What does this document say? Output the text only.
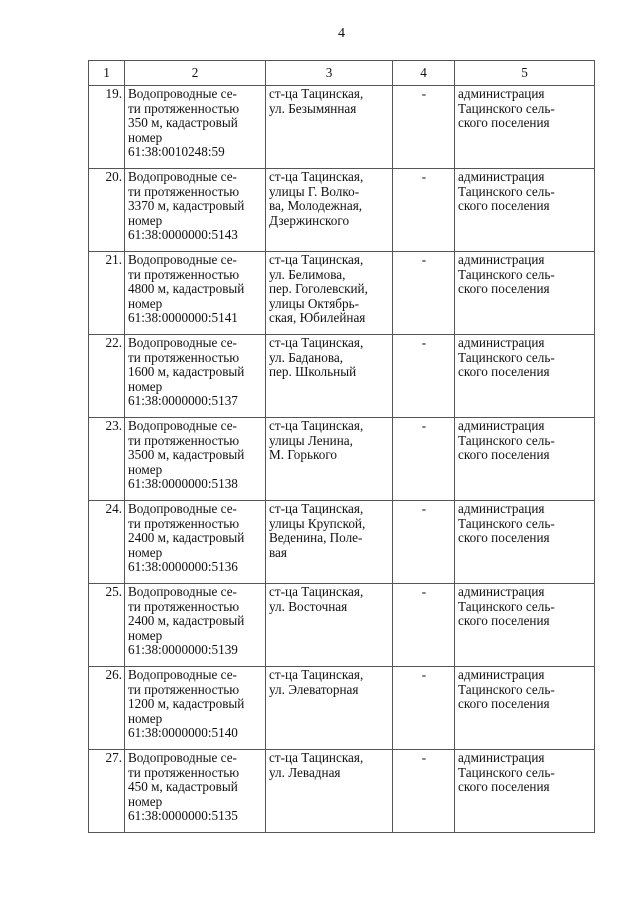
4
1	2	3	4	5
19.	Водопроводные се-
ти протяженностью
350 м, кадастровый
номер
61:38:0010248:59	ст-ца Тацинская,
ул. Безымянная	-	администрация
Тацинского сель-
ского поселения

20.	Водопроводные се-
ти протяженностью
3370 м, кадастровый
номер
61:38:0000000:5143	ст-ца Тацинская,
улицы Г. Волко-
ва, Молодежная,
Дзержинского	-	администрация
Тацинского сель-
ского поселения

21.	Водопроводные се-
ти протяженностью
4800 м, кадастровый
номер
61:38:0000000:5141	ст-ца Тацинская,
ул. Белимова,
пер. Гоголевский,
улицы Октябрь-
ская, Юбилейная	-	администрация
Тацинского сель-
ского поселения

22.	Водопроводные се-
ти протяженностью
1600 м, кадастровый
номер
61:38:0000000:5137	ст-ца Тацинская,
ул. Баданова,
пер. Школьный	-	администрация
Тацинского сель-
ского поселения

23.	Водопроводные се-
ти протяженностью
3500 м, кадастровый
номер
61:38:0000000:5138	ст-ца Тацинская,
улицы Ленина,
М. Горького	-	администрация
Тацинского сель-
ского поселения

24.	Водопроводные се-
ти протяженностью
2400 м, кадастровый
номер
61:38:0000000:5136	ст-ца Тацинская,
улицы Крупской,
Веденина, Поле-
вая	-	администрация
Тацинского сель-
ского поселения

25.	Водопроводные се-
ти протяженностью
2400 м, кадастровый
номер
61:38:0000000:5139	ст-ца Тацинская,
ул. Восточная	-	администрация
Тацинского сель-
ского поселения

26.	Водопроводные се-
ти протяженностью
1200 м, кадастровый
номер
61:38:0000000:5140	ст-ца Тацинская,
ул. Элеваторная	-	администрация
Тацинского сель-
ского поселения

27.	Водопроводные се-
ти протяженностью
450 м, кадастровый
номер
61:38:0000000:5135	ст-ца Тацинская,
ул. Левадная	-	администрация
Тацинского сель-
ского поселения
